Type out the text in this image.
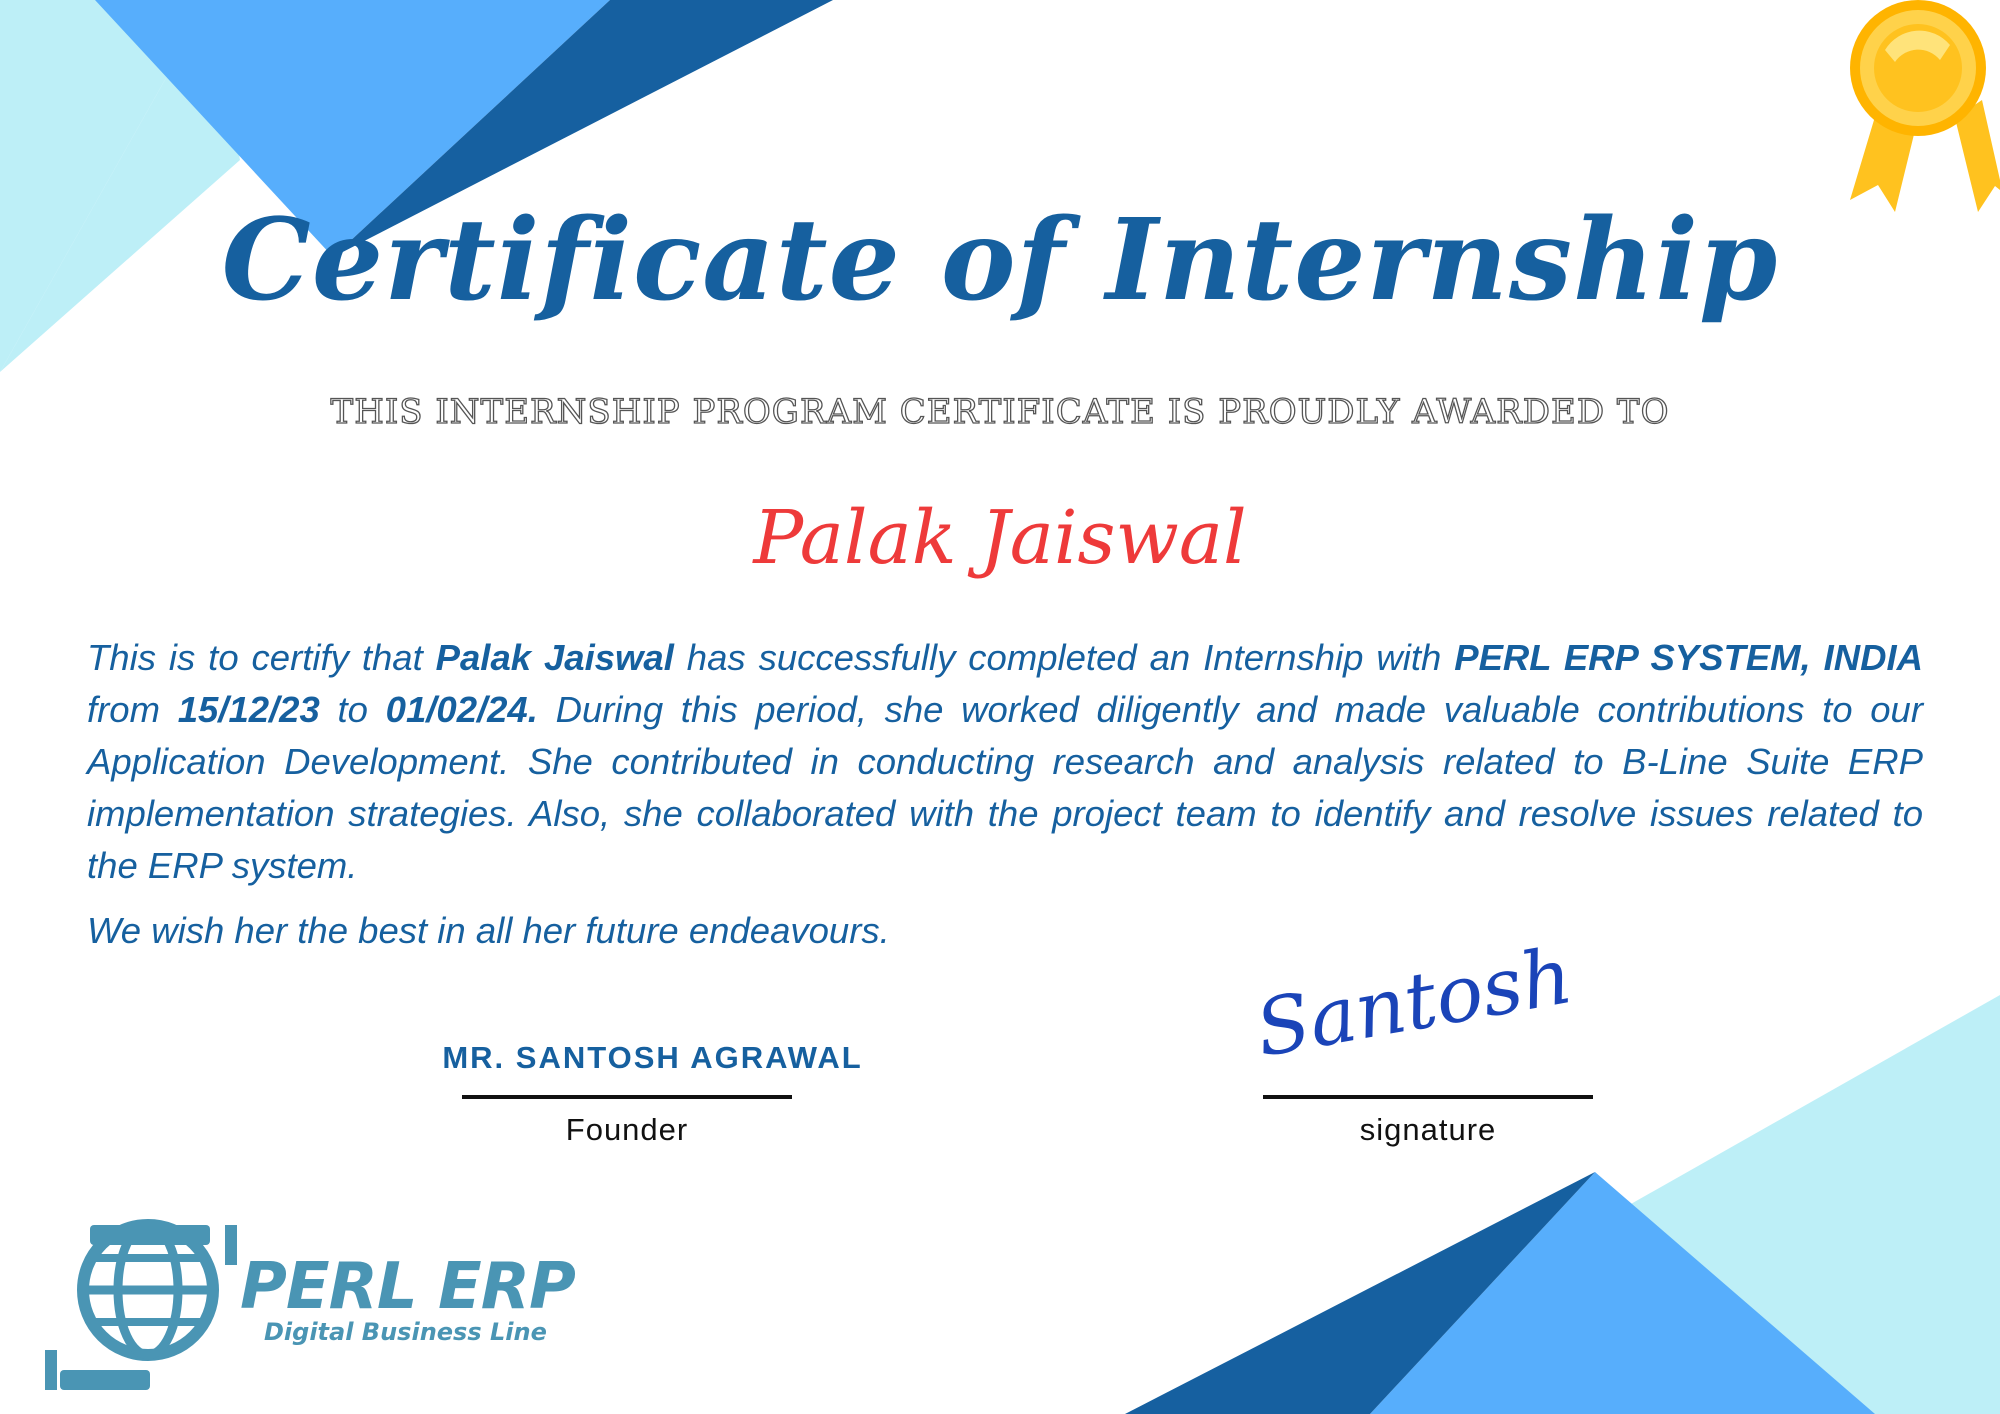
Certificate of Internship
THIS INTERNSHIP PROGRAM CERTIFICATE IS PROUDLY AWARDED TO
Palak Jaiswal

This is to certify that Palak Jaiswal has successfully completed an Internship with PERL ERP SYSTEM, INDIA from 15/12/23 to 01/02/24. During this period, she worked diligently and made valuable contributions to our Application Development. She contributed in conducting research and analysis related to B-Line Suite ERP implementation strategies. Also, she collaborated with the project team to identify and resolve issues related to the ERP system.

We wish her the best in all her future endeavours.
MR. SANTOSH AGRAWAL
Founder
Santosh
signature
PERL ERP
Digital Business Line
